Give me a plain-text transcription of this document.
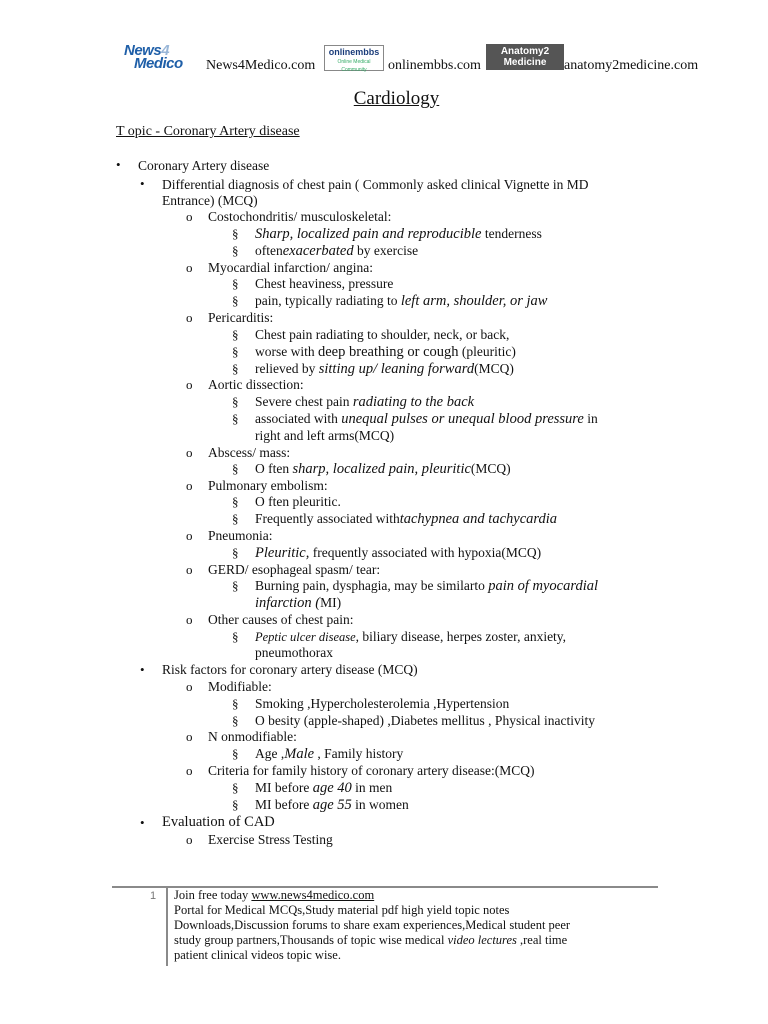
News4
Medico News4Medico.com
onlinembbs
Online Medical Community	onlinembbs.com
Anatomy2
Medicine	anatomy2medicine.com
Cardiology
T opic - Coronary Artery disease
• Coronary Artery disease
• Differential diagnosis of chest pain ( Commonly asked clinical Vignette in MD
Entrance) (MCQ)
o Costochondritis/ musculoskeletal:
§ Sharp, localized pain and reproducible tenderness
§ oftenexacerbated by exercise
o Myocardial infarction/ angina:
§ Chest heaviness, pressure
§ pain, typically radiating to left arm, shoulder, or jaw
o Pericarditis:
§ Chest pain radiating to shoulder, neck, or back,
§ worse with deep breathing or cough (pleuritic)
§ relieved by sitting up/ leaning forward(MCQ)
o Aortic dissection:
§ Severe chest pain radiating to the back
§ associated with unequal pulses or unequal blood pressure in
right and left arms(MCQ)
o Abscess/ mass:
§ O ften sharp, localized pain, pleuritic(MCQ)
o Pulmonary embolism:
§ O ften pleuritic.
§ Frequently associated withtachypnea and tachycardia
o Pneumonia:
§ Pleuritic, frequently associated with hypoxia(MCQ)
o GERD/ esophageal spasm/ tear:
§ Burning pain, dysphagia, may be similarto pain of myocardial
infarction (MI)
o Other causes of chest pain:
§ Peptic ulcer disease, biliary disease, herpes zoster, anxiety,
pneumothorax
• Risk factors for coronary artery disease (MCQ)
o Modifiable:
§ Smoking ,Hypercholesterolemia ,Hypertension
§ O besity (apple-shaped) ,Diabetes mellitus , Physical inactivity
o N onmodifiable:
§ Age ,Male , Family history
o Criteria for family history of coronary artery disease:(MCQ)
§ MI before age 40 in men
§ MI before age 55 in women
• Evaluation of CAD
o Exercise Stress Testing
1 Join free today www.news4medico.com
Portal for Medical MCQs,Study material pdf high yield topic notes
Downloads,Discussion forums to share exam experiences,Medical student peer
study group partners,Thousands of topic wise medical video lectures ,real time
patient clinical videos topic wise.
